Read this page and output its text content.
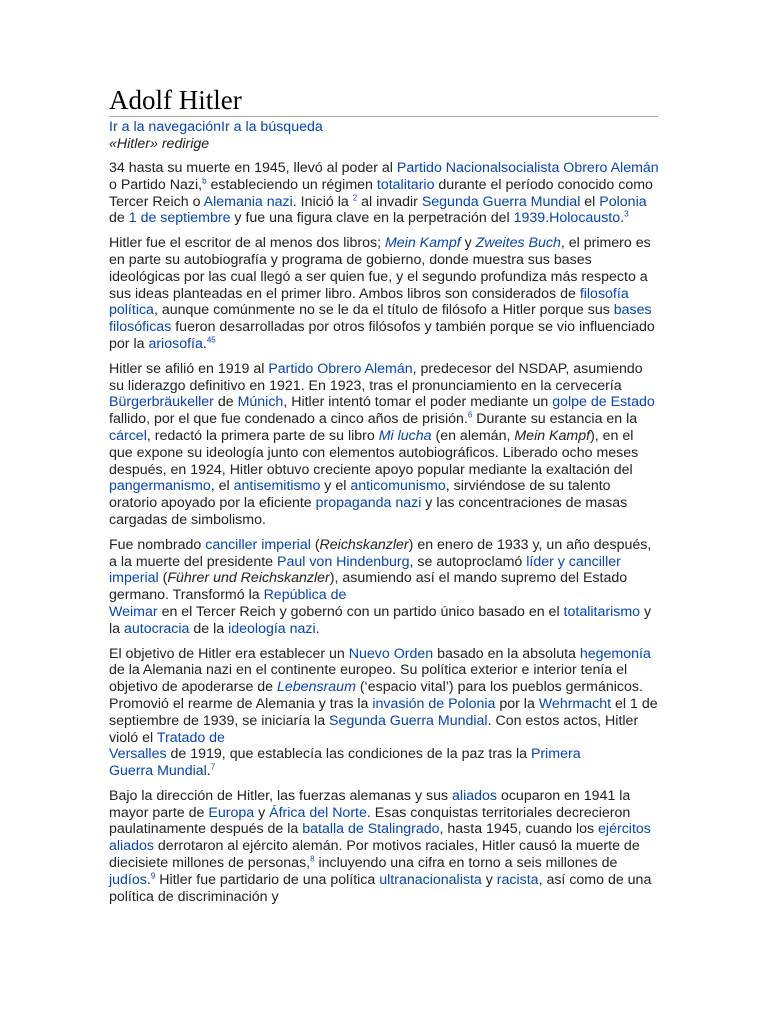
Adolf Hitler
Ir a la navegaciónIr a la búsqueda
«Hitler» redirige

34 hasta su muerte en 1945, llevó al poder al Partido Nacionalsocialista Obrero Alemán o Partido Nazi,$^b$ estableciendo un régimen totalitario durante el período conocido como Tercer Reich o Alemania nazi. Inició la $^2$ al invadir Segunda Guerra Mundial el Polonia de 1 de septiembre y fue una figura clave en la perpetración del 1939.Holocausto.$^3$

Hitler fue el escritor de al menos dos libros; Mein Kampf y Zweites Buch, el primero es en parte su autobiografía y programa de gobierno, donde muestra sus bases ideológicas por las cual llegó a ser quien fue, y el segundo profundiza más respecto a sus ideas planteadas en el primer libro. Ambos libros son considerados de filosofía política, aunque comúnmente no se le da el título de filósofo a Hitler porque sus bases filosóficas fueron desarrolladas por otros filósofos y también porque se vio influenciado por la ariosofía.$^{45}$

Hitler se afilió en 1919 al Partido Obrero Alemán, predecesor del NSDAP, asumiendo su liderazgo definitivo en 1921. En 1923, tras el pronunciamiento en la cervecería Bürgerbräukeller de Múnich, Hitler intentó tomar el poder mediante un golpe de Estado fallido, por el que fue condenado a cinco años de prisión.$^6$ Durante su estancia en la cárcel, redactó la primera parte de su libro Mi lucha (en alemán, Mein Kampf), en el que expone su ideología junto con elementos autobiográficos. Liberado ocho meses después, en 1924, Hitler obtuvo creciente apoyo popular mediante la exaltación del pangermanismo, el antisemitismo y el anticomunismo, sirviéndose de su talento oratorio apoyado por la eficiente propaganda nazi y las concentraciones de masas cargadas de simbolismo.

Fue nombrado canciller imperial (Reichskanzler) en enero de 1933 y, un año después, a la muerte del presidente Paul von Hindenburg, se autoproclamó líder y canciller imperial (Führer und Reichskanzler), asumiendo así el mando supremo del Estado germano. Transformó la República de
Weimar en el Tercer Reich y gobernó con un partido único basado en el totalitarismo y la autocracia de la ideología nazi.

El objetivo de Hitler era establecer un Nuevo Orden basado en la absoluta hegemonía de la Alemania nazi en el continente europeo. Su política exterior e interior tenía el objetivo de apoderarse de Lebensraum (‘espacio vital’) para los pueblos germánicos. Promovió el rearme de Alemania y tras la invasión de Polonia por la Wehrmacht el 1 de septiembre de 1939, se iniciaría la Segunda Guerra Mundial. Con estos actos, Hitler violó el Tratado de
Versalles de 1919, que establecía las condiciones de la paz tras la Primera
Guerra Mundial.$^7$

Bajo la dirección de Hitler, las fuerzas alemanas y sus aliados ocuparon en 1941 la mayor parte de Europa y África del Norte. Esas conquistas territoriales decrecieron paulatinamente después de la batalla de Stalingrado, hasta 1945, cuando los ejércitos aliados derrotaron al ejército alemán. Por motivos raciales, Hitler causó la muerte de diecisiete millones de personas,$^8$ incluyendo una cifra en torno a seis millones de judíos.$^9$ Hitler fue partidario de una política ultranacionalista y racista, así como de una política de discriminación y
